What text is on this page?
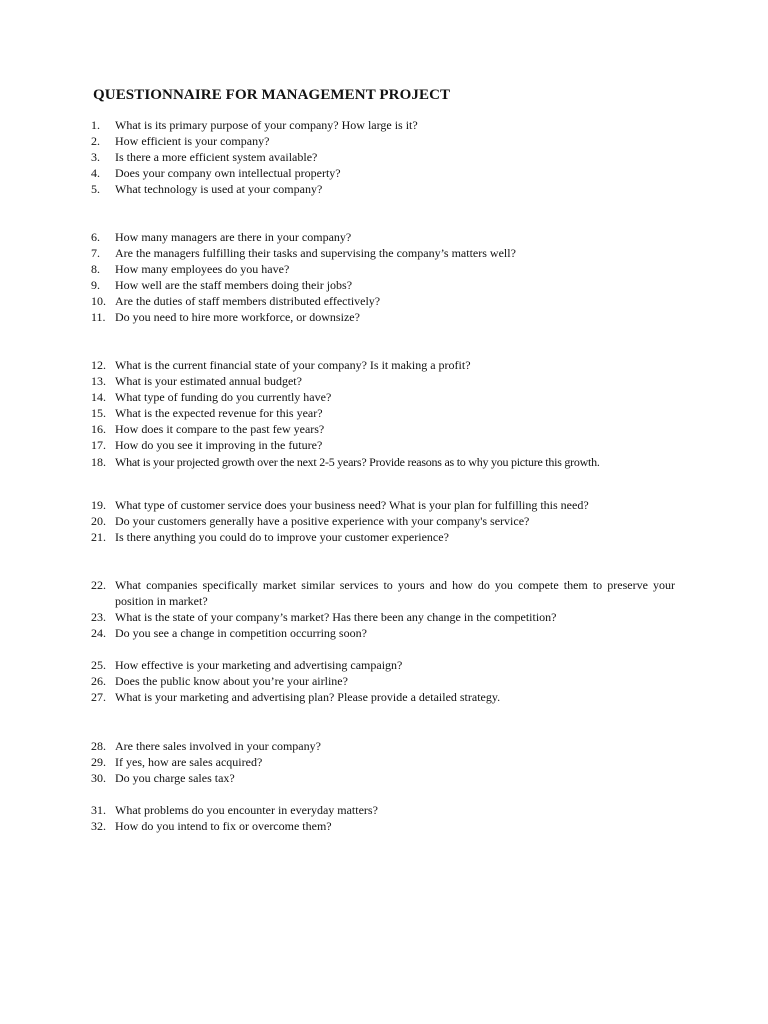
QUESTIONNAIRE FOR MANAGEMENT PROJECT
1. What is its primary purpose of your company? How large is it?
2. How efficient is your company?
3. Is there a more efficient system available?
4. Does your company own intellectual property?
5. What technology is used at your company?
6. How many managers are there in your company?
7. Are the managers fulfilling their tasks and supervising the company’s matters well?
8. How many employees do you have?
9. How well are the staff members doing their jobs?
10. Are the duties of staff members distributed effectively?
11. Do you need to hire more workforce, or downsize?
12. What is the current financial state of your company? Is it making a profit?
13. What is your estimated annual budget?
14. What type of funding do you currently have?
15. What is the expected revenue for this year?
16. How does it compare to the past few years?
17. How do you see it improving in the future?
18. What is your projected growth over the next 2-5 years? Provide reasons as to why you picture this growth.
19. What type of customer service does your business need? What is your plan for fulfilling this need?
20. Do your customers generally have a positive experience with your company's service?
21. Is there anything you could do to improve your customer experience?
22. What companies specifically market similar services to yours and how do you compete them to preserve your position in market?
23. What is the state of your company’s market? Has there been any change in the competition?
24. Do you see a change in competition occurring soon?
25. How effective is your marketing and advertising campaign?
26. Does the public know about you’re your airline?
27. What is your marketing and advertising plan? Please provide a detailed strategy.
28. Are there sales involved in your company?
29. If yes, how are sales acquired?
30. Do you charge sales tax?
31. What problems do you encounter in everyday matters?
32. How do you intend to fix or overcome them?
